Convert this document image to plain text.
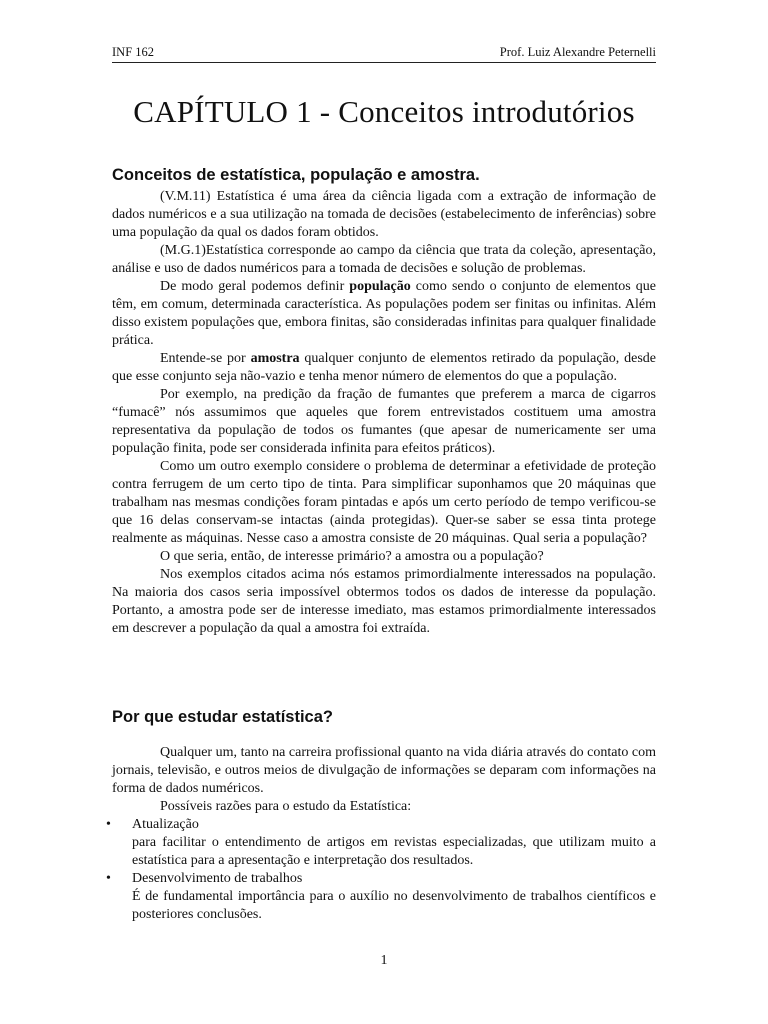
INF 162	Prof. Luiz Alexandre Peternelli
CAPÍTULO 1 - Conceitos introdutórios
Conceitos de estatística, população e amostra.

(V.M.11) Estatística é uma área da ciência ligada com a extração de informação de dados numéricos e a sua utilização na tomada de decisões (estabelecimento de inferências) sobre uma população da qual os dados foram obtidos.

(M.G.1)Estatística corresponde ao campo da ciência que trata da coleção, apresentação, análise e uso de dados numéricos para a tomada de decisões e solução de problemas.

De modo geral podemos definir população como sendo o conjunto de elementos que têm, em comum, determinada característica. As populações podem ser finitas ou infinitas. Além disso existem populações que, embora finitas, são consideradas infinitas para qualquer finalidade prática.

Entende-se por amostra qualquer conjunto de elementos retirado da população, desde que esse conjunto seja não-vazio e tenha menor número de elementos do que a população.

Por exemplo, na predição da fração de fumantes que preferem a marca de cigarros “fumacê” nós assumimos que aqueles que forem entrevistados costituem uma amostra representativa da população de todos os fumantes (que apesar de numericamente ser uma população finita, pode ser considerada infinita para efeitos práticos).

Como um outro exemplo considere o problema de determinar a efetividade de proteção contra ferrugem de um certo tipo de tinta. Para simplificar suponhamos que 20 máquinas que trabalham nas mesmas condições foram pintadas e após um certo período de tempo verificou-se que 16 delas conservam-se intactas (ainda protegidas). Quer-se saber se essa tinta protege realmente as máquinas. Nesse caso a amostra consiste de 20 máquinas. Qual seria a população?

O que seria, então, de interesse primário? a amostra ou a população?

Nos exemplos citados acima nós estamos primordialmente interessados na população. Na maioria dos casos seria impossível obtermos todos os dados de interesse da população. Portanto, a amostra pode ser de interesse imediato, mas estamos primordialmente interessados em descrever a população da qual a amostra foi extraída.

Por que estudar estatística?

Qualquer um, tanto na carreira profissional quanto na vida diária através do contato com jornais, televisão, e outros meios de divulgação de informações se deparam com informações na forma de dados numéricos.

Possíveis razões para o estudo da Estatística:

• Atualização
para facilitar o entendimento de artigos em revistas especializadas, que utilizam muito a estatística para a apresentação e interpretação dos resultados.
• Desenvolvimento de trabalhos
É de fundamental importância para o auxílio no desenvolvimento de trabalhos científicos e posteriores conclusões.
1
